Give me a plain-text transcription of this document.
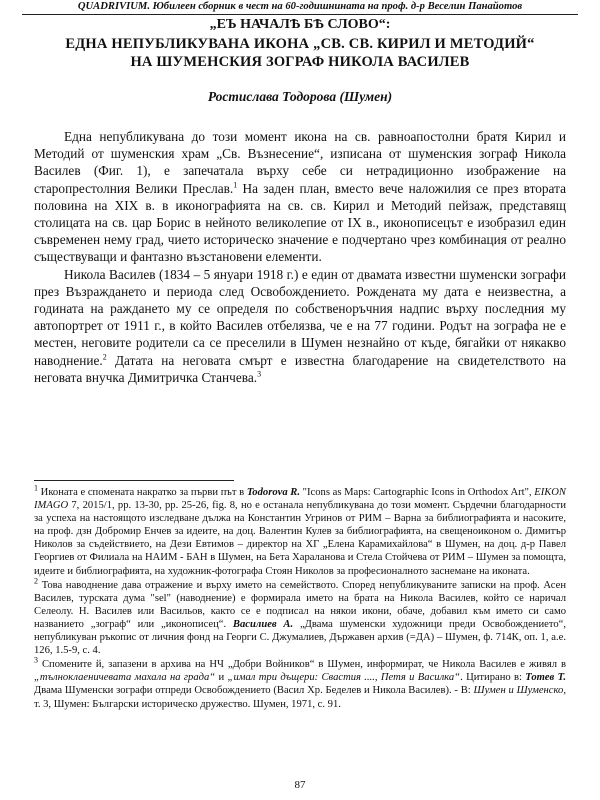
QUADRIVIUM. Юбилеен сборник в чест на 60-годишнината на проф. д-р Веселин Панайотов
„ЕЪ НАЧАЛѢ БѢ СЛОВО“:
ЕДНА НЕПУБЛИКУВАНА ИКОНА „СВ. СВ. КИРИЛ И МЕТОДИЙ“
НА ШУМЕНСКИЯ ЗОГРАФ НИКОЛА ВАСИЛЕВ
Ростислава Тодорова (Шумен)

Една непубликувана до този момент икона на св. равноапостолни братя Кирил и Методий от шуменския храм „Св. Възнесение“, изписана от шуменския зограф Никола Василев (Фиг. 1), е запечатала върху себе си нетрадиционно изображение на старопрестолния Велики Преслав.$^1$ На заден план, вместо вече наложилия се през втората половина на XIX в. в иконографията на св. св. Кирил и Методий пейзаж, представящ столицата на св. цар Борис в нейното великолепие от IX в., иконописецът е изобразил един съвременен нему град, чието историческо значение е подчертано чрез комбинация от реално съществуващи и фантазно възстановени елементи.

Никола Василев (1834 – 5 януари 1918 г.) е един от двамата известни шуменски зографи през Възраждането и периода след Освобождението. Рождената му дата е неизвестна, а годината на раждането му се определя по собственоръчния надпис върху последния му автопортрет от 1911 г., в който Василев отбелязва, че е на 77 години. Родът на зографа не е местен, неговите родители са се преселили в Шумен незнайно от къде, бягайки от някакво наводнение.$^2$ Датата на неговата смърт е известна благодарение на свидетелството на неговата внучка Димитричка Станчева.$^3$

$^1$ Иконата е спомената накратко за първи път в Todorova R. "Icons as Maps: Cartographic Icons in Orthodox Art", EIKON IMAGO 7, 2015/1, pp. 13-30, pp. 25-26, fig. 8, но е останала непубликувана до този момент. Сърдечни благодарности за успеха на настоящото изследване дължа на Константин Угринов от РИМ – Варна за библиографията и насоките, на проф. дзн Добромир Енчев за идеите, на доц. Валентин Кулев за библиографията, на свещеноиконом о. Димитър Николов за съдействието, на Дези Евтимов – директор на ХГ „Елена Карамихайлова“ в Шумен, на доц. д-р Павел Георгиев от Филиала на НАИМ - БАН в Шумен, на Бета Хараланова и Стела Стойчева от РИМ – Шумен за помощта, идеите и библиографията, на художник-фотографа Стоян Николов за професионалното заснемане на иконата.

$^2$ Това наводнение дава отражение и върху името на семейството. Според непубликуваните записки на проф. Асен Василев, турската дума "sel" (наводнение) е формирала името на брата на Никола Василев, който се наричал Селеолу. Н. Василев или Васильов, както се е подписал на някои икони, обаче, добавил към името си само названието „зограф“ или „иконописец“. Василиев А. „Двама шуменски художници преди Освобождението“, непубликуван ръкопис от личния фонд на Георги С. Джумалиев, Държавен архив (=ДА) – Шумен, ф. 714К, оп. 1, а.е. 126, 1.5-9, с. 4.

$^3$ Спомените й, запазени в архива на НЧ „Добри Войников“ в Шумен, информират, че Никола Василев е живял в „тълноклаеничевата махала на града“ и „имал три дъщери: Свастия ...., Петя и Василка“. Цитирано в: Тотев Т. Двама Шуменски зографи отпреди Освобождението (Васил Хр. Беделев и Никола Василев). - В: Шумен и Шуменско, т. 3, Шумен: Български историческо дружество. Шумен, 1971, с. 91.

87
